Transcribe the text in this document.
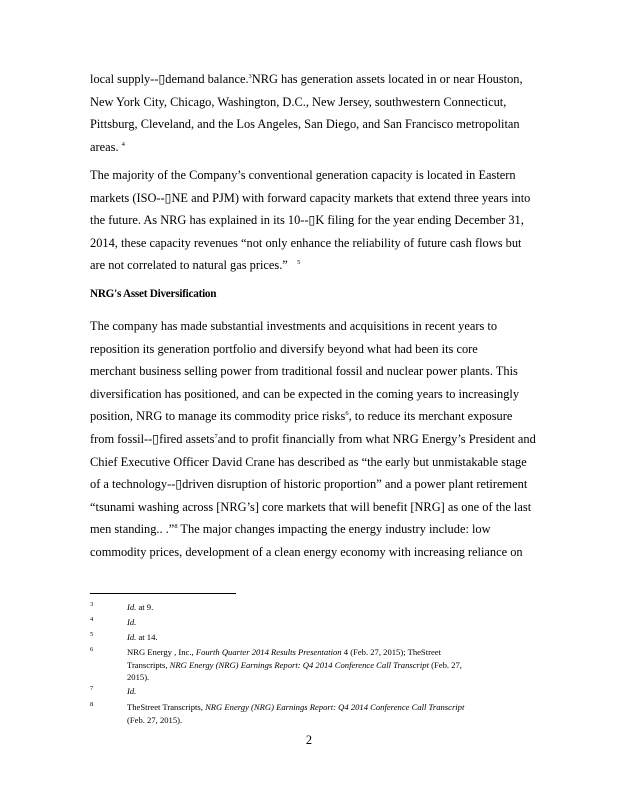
local supply--▯demand balance.$^3$NRG has generation assets located in or near Houston,
New York City, Chicago, Washington, D.C., New Jersey, southwestern Connecticut,
Pittsburg, Cleveland, and the Los Angeles, San Diego, and San Francisco metropolitan
areas. $^4$
The majority of the Company’s conventional generation capacity is located in Eastern
markets (ISO--▯NE and PJM) with forward capacity markets that extend three years into
the future. As NRG has explained in its 10--▯K filing for the year ending December 31,
2014, these capacity revenues “not only enhance the reliability of future cash flows but
are not correlated to natural gas prices.” $^5$
NRG's Asset Diversification
The company has made substantial investments and acquisitions in recent years to
reposition its generation portfolio and diversify beyond what had been its core
merchant business selling power from traditional fossil and nuclear power plants. This
diversification has positioned, and can be expected in the coming years to increasingly
position, NRG to manage its commodity price risks$^6$, to reduce its merchant exposure
from fossil--▯fired assets$^7$and to profit financially from what NRG Energy’s President and
Chief Executive Officer David Crane has described as “the early but unmistakable stage
of a technology--▯driven disruption of historic proportion” and a power plant retirement
“tsunami washing across [NRG’s] core markets that will benefit [NRG] as one of the last
men standing.. .”$^8$ The major changes impacting the energy industry include: low
commodity prices, development of a clean energy economy with increasing reliance on
3	Id. at 9.
4	Id.
5	Id. at 14.
6	NRG Energy , Inc., Fourth Quarter 2014 Results Presentation 4 (Feb. 27, 2015); TheStreet
Transcripts, NRG Energy (NRG) Earnings Report: Q4 2014 Conference Call Transcript (Feb. 27,
2015).
7	Id.
8	TheStreet Transcripts, NRG Energy (NRG) Earnings Report: Q4 2014 Conference Call Transcript
(Feb. 27, 2015).
2
